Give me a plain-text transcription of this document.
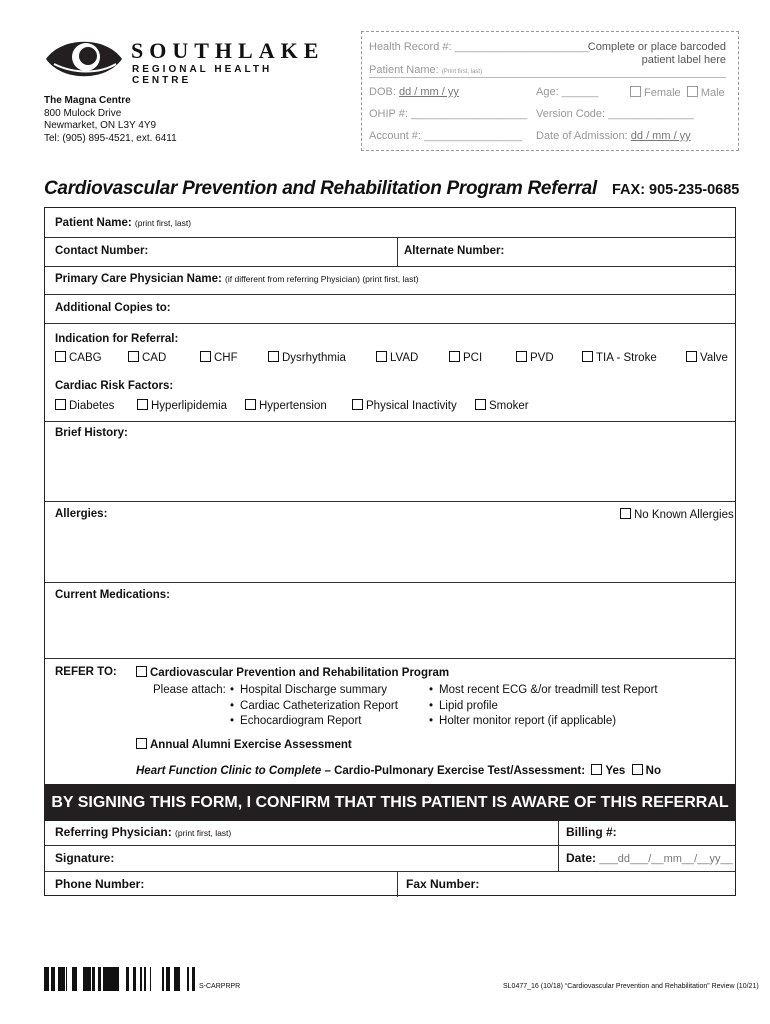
SOUTHLAKE
REGIONAL HEALTH CENTRE
The Magna Centre
800 Mulock Drive
Newmarket, ON L3Y 4Y9
Tel: (905) 895-4521, ext. 6411
Health Record #: ______________________
Complete or place barcoded
patient label here
Patient Name: (Print first, last)
DOB: dd / mm / yy	Age: ______	Female Male
OHIP #: ___________________ Version Code: ______________
Account #: ________________ Date of Admission: dd / mm / yy
Cardiovascular Prevention and Rehabilitation Program Referral FAX: 905-235-0685
Patient Name: (print first, last)
Contact Number:	Alternate Number:
Primary Care Physician Name: (if different from referring Physician) (print first, last)
Additional Copies to:
Indication for Referral:
CABG	CAD	CHF	Dysrhythmia	LVAD	PCI	PVD	TIA - Stroke	Valve
Cardiac Risk Factors:
Diabetes	Hyperlipidemia	Hypertension	Physical Inactivity	Smoker
Brief History:
Allergies:	No Known Allergies
Current Medications:
REFER TO:	Cardiovascular Prevention and Rehabilitation Program
Please attach:
•	Hospital Discharge summary
• Cardiac Catheterization Report
• Echocardiogram Report
• Most recent ECG &/or treadmill test Report
• Lipid profile
• Holter monitor report (if applicable)
Annual Alumni Exercise Assessment
Heart Function Clinic to Complete – Cardio-Pulmonary Exercise Test/Assessment: Yes No
BY SIGNING THIS FORM, I CONFIRM THAT THIS PATIENT IS AWARE OF THIS REFERRAL
Referring Physician: (print first, last)	Billing #:
Signature:	Date: ___dd___/__mm__/__yy__
Phone Number:	Fax Number:
S-CARPRPR	SL0477_16 (10/18) “Cardiovascular Prevention and Rehabilitation” Review (10/21)
